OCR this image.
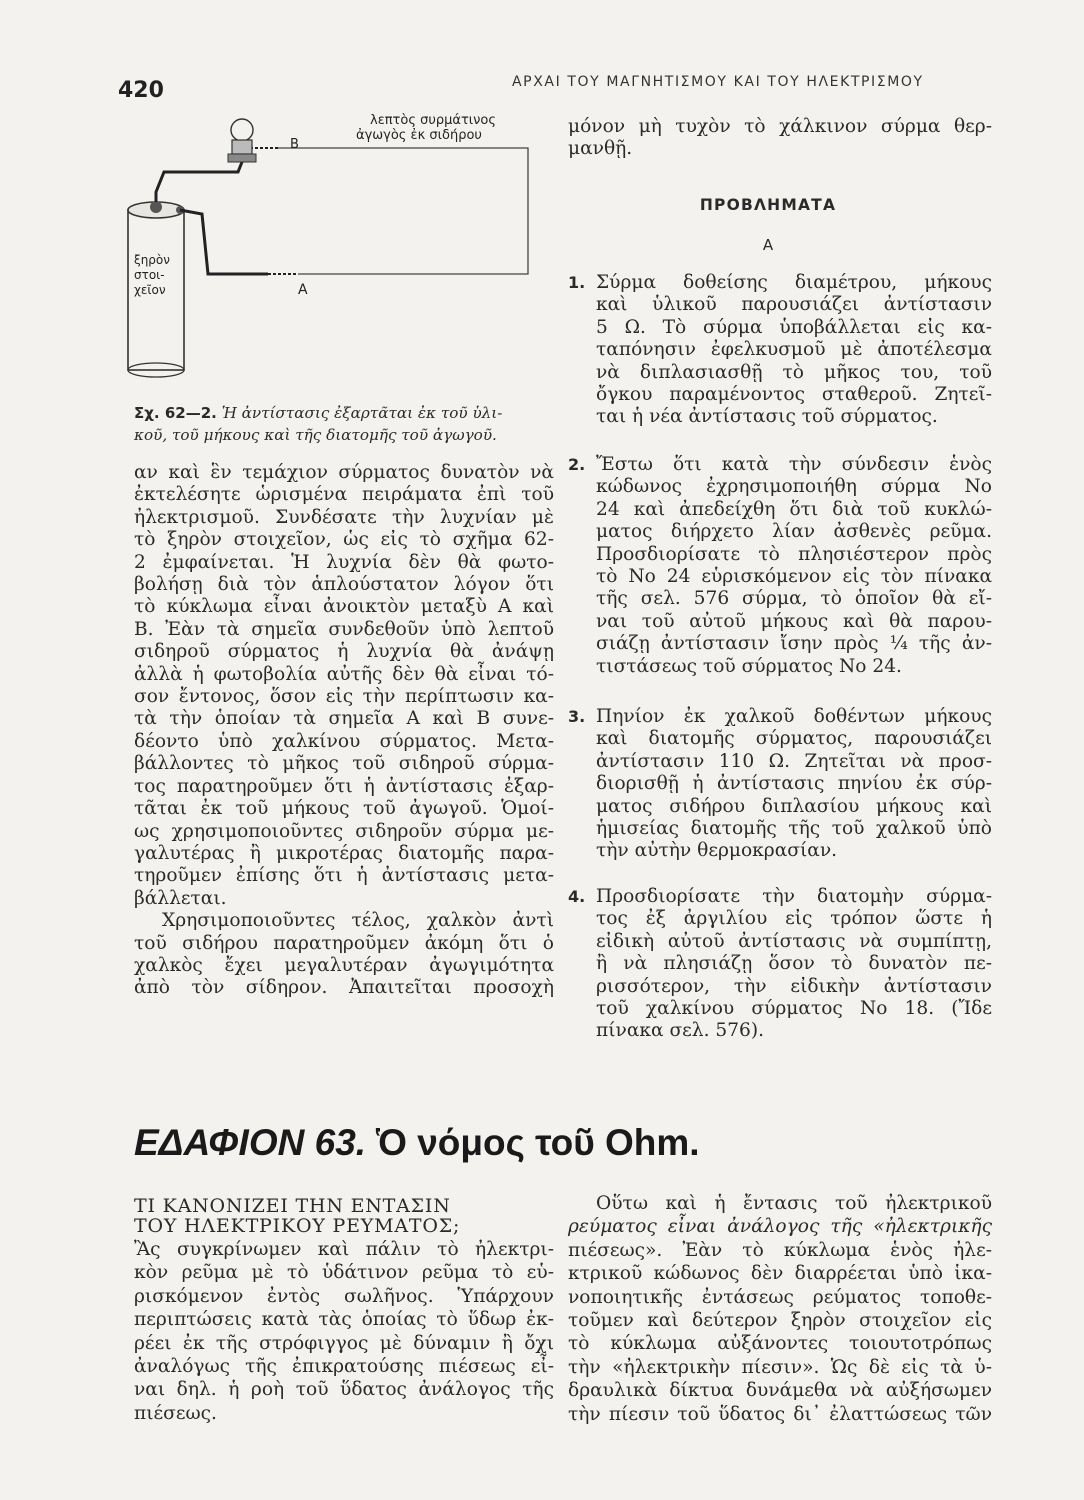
420	ΑΡΧΑΙ ΤΟΥ ΜΑΓΝΗΤΙΣΜΟΥ ΚΑΙ ΤΟΥ ΗΛΕΚΤΡΙΣΜΟΥ
λεπτὸς συρμάτινος
ἀγωγὸς ἐκ σιδήρου
B
A
ξηρὸν
στοι-
χεῖον
Σχ. 62—2. Ἡ ἀντίστασις ἐξαρτᾶται ἐκ τοῦ ὑλι-
κοῦ, τοῦ μήκους καὶ τῆς διατομῆς τοῦ ἀγωγοῦ.
αν καὶ ἓν τεμάχιον σύρματος δυνατὸν νὰ
ἐκτελέσητε ὡρισμένα πειράματα ἐπὶ τοῦ
ἠλεκτρισμοῦ. Συνδέσατε τὴν λυχνίαν μὲ
τὸ ξηρὸν στοιχεῖον, ὡς εἰς τὸ σχῆμα 62-
2 ἐμφαίνεται. Ἡ λυχνία δὲν θὰ φωτο-
βολήσῃ διὰ τὸν ἁπλούστατον λόγον ὅτι
τὸ κύκλωμα εἶναι ἀνοικτὸν μεταξὺ A καὶ
B. Ἐὰν τὰ σημεῖα συνδεθοῦν ὑπὸ λεπτοῦ
σιδηροῦ σύρματος ἡ λυχνία θὰ ἀνάψῃ
ἀλλὰ ἡ φωτοβολία αὐτῆς δὲν θὰ εἶναι τό-
σον ἔντονος, ὅσον εἰς τὴν περίπτωσιν κα-
τὰ τὴν ὁποίαν τὰ σημεῖα A καὶ B συνε-
δέοντο ὑπὸ χαλκίνου σύρματος. Μετα-
βάλλοντες τὸ μῆκος τοῦ σιδηροῦ σύρμα-
τος παρατηροῦμεν ὅτι ἡ ἀντίστασις ἐξαρ-
τᾶται ἐκ τοῦ μήκους τοῦ ἀγωγοῦ. Ὁμοί-
ως χρησιμοποιοῦντες σιδηροῦν σύρμα με-
γαλυτέρας ἢ μικροτέρας διατομῆς παρα-
τηροῦμεν ἐπίσης ὅτι ἡ ἀντίστασις μετα-
βάλλεται.
Χρησιμοποιοῦντες τέλος, χαλκὸν ἀντὶ
τοῦ σιδήρου παρατηροῦμεν ἀκόμη ὅτι ὁ
χαλκὸς ἔχει μεγαλυτέραν ἀγωγιμότητα
ἀπὸ τὸν σίδηρον. Ἀπαιτεῖται προσοχὴ
μόνον μὴ τυχὸν τὸ χάλκινον σύρμα θερ-
μανθῇ.
ΠΡΟΒΛΗΜΑΤΑ
A
1. Σύρμα δοθείσης διαμέτρου, μήκους
καὶ ὑλικοῦ παρουσιάζει ἀντίστασιν
5 Ω. Τὸ σύρμα ὑποβάλλεται εἰς κα-
ταπόνησιν ἐφελκυσμοῦ μὲ ἀποτέλεσμα
νὰ διπλασιασθῇ τὸ μῆκος του, τοῦ
ὄγκου παραμένοντος σταθεροῦ. Ζητεῖ-
ται ἡ νέα ἀντίστασις τοῦ σύρματος.
2. Ἔστω ὅτι κατὰ τὴν σύνδεσιν ἑνὸς
κώδωνος ἐχρησιμοποιήθη σύρμα Νο
24 καὶ ἀπεδείχθη ὅτι διὰ τοῦ κυκλώ-
ματος διήρχετο λίαν ἀσθενὲς ρεῦμα.
Προσδιορίσατε τὸ πλησιέστερον πρὸς
τὸ Νο 24 εὑρισκόμενον εἰς τὸν πίνακα
τῆς σελ. 576 σύρμα, τὸ ὁποῖον θὰ εἴ-
ναι τοῦ αὐτοῦ μήκους καὶ θὰ παρου-
σιάζῃ ἀντίστασιν ἴσην πρὸς ¼ τῆς ἀν-
τιστάσεως τοῦ σύρματος Νο 24.
3. Πηνίον ἐκ χαλκοῦ δοθέντων μήκους
καὶ διατομῆς σύρματος, παρουσιάζει
ἀντίστασιν 110 Ω. Ζητεῖται νὰ προσ-
διορισθῇ ἡ ἀντίστασις πηνίου ἐκ σύρ-
ματος σιδήρου διπλασίου μήκους καὶ
ἡμισείας διατομῆς τῆς τοῦ χαλκοῦ ὑπὸ
τὴν αὐτὴν θερμοκρασίαν.
4. Προσδιορίσατε τὴν διατομὴν σύρμα-
τος ἐξ ἀργιλίου εἰς τρόπον ὥστε ἡ
εἰδικὴ αὐτοῦ ἀντίστασις νὰ συμπίπτῃ,
ἢ νὰ πλησιάζῃ ὅσον τὸ δυνατὸν πε-
ρισσότερον, τὴν εἰδικὴν ἀντίστασιν
τοῦ χαλκίνου σύρματος Νο 18. (Ἴδε
πίνακα σελ. 576).
ΕΔΑΦΙΟΝ 63. Ὁ νόμος τοῦ Ohm.
ΤΙ ΚΑΝΟΝΙΖΕΙ ΤΗΝ ΕΝΤΑΣΙΝ
ΤΟΥ ΗΛΕΚΤΡΙΚΟΥ ΡΕΥΜΑΤΟΣ;
Ἂς συγκρίνωμεν καὶ πάλιν τὸ ἠλεκτρι-
κὸν ρεῦμα μὲ τὸ ὑδάτινον ρεῦμα τὸ εὑ-
ρισκόμενον ἐντὸς σωλῆνος. Ὑπάρχουν
περιπτώσεις κατὰ τὰς ὁποίας τὸ ὕδωρ ἐκ-
ρέει ἐκ τῆς στρόφιγγος μὲ δύναμιν ἢ ὄχι
ἀναλόγως τῆς ἐπικρατούσης πιέσεως εἶ-
ναι δηλ. ἡ ροὴ τοῦ ὕδατος ἀνάλογος τῆς
πιέσεως.
Οὕτω καὶ ἡ ἔντασις τοῦ ἠλεκτρικοῦ
ρεύματος εἶναι ἀνάλογος τῆς «ἠλεκτρικῆς
πιέσεως». Ἐὰν τὸ κύκλωμα ἑνὸς ἠλε-
κτρικοῦ κώδωνος δὲν διαρρέεται ὑπὸ ἱκα-
νοποιητικῆς ἐντάσεως ρεύματος τοποθε-
τοῦμεν καὶ δεύτερον ξηρὸν στοιχεῖον εἰς
τὸ κύκλωμα αὐξάνοντες τοιουτοτρόπως
τὴν «ἠλεκτρικὴν πίεσιν». Ὡς δὲ εἰς τὰ ὑ-
δραυλικὰ δίκτυα δυνάμεθα νὰ αὐξήσωμεν
τὴν πίεσιν τοῦ ὕδατος δι᾽ ἐλαττώσεως τῶν
